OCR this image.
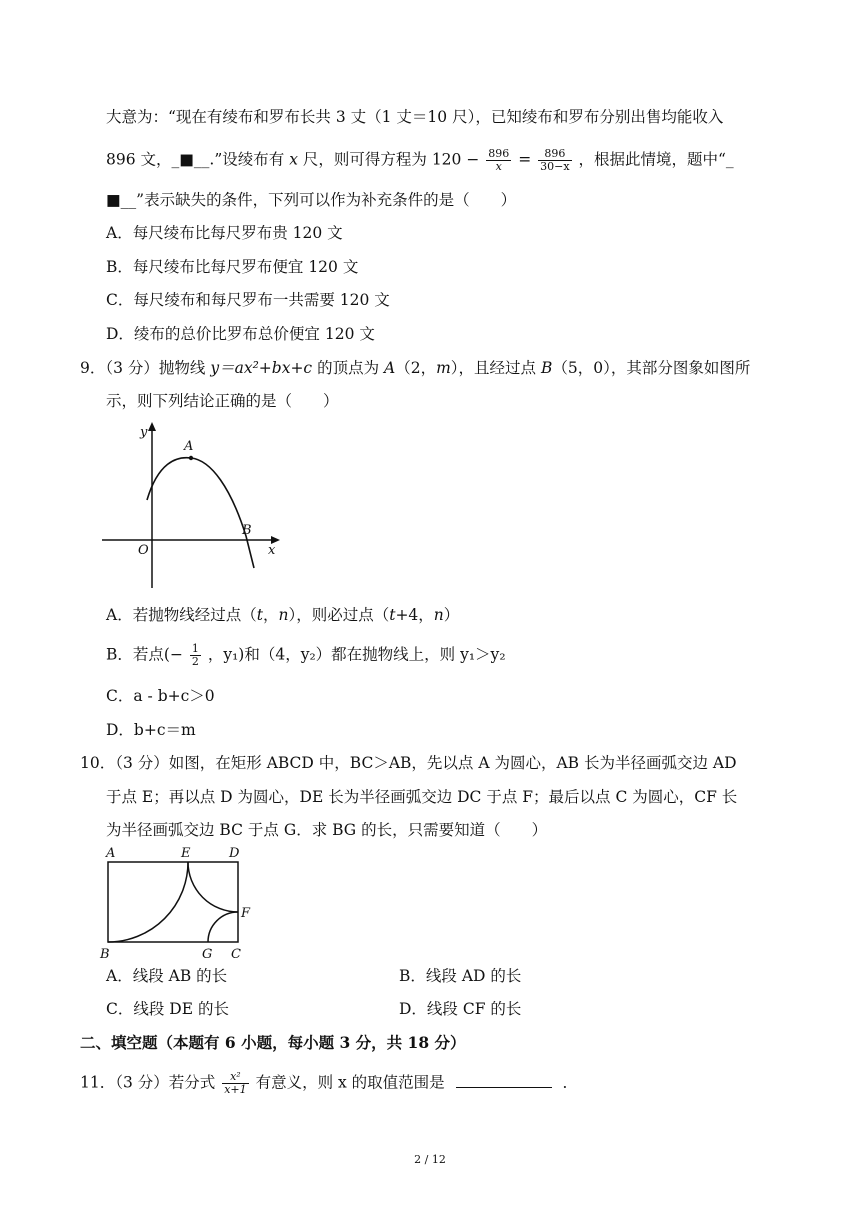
大意为：“现在有绫布和罗布长共 3 丈（1 丈＝10 尺），已知绫布和罗布分别出售均能收入
896 文，_■__.”设绫布有 x 尺，则可得方程为 $120 - \frac{896}{x} = \frac{896}{30-x}$ ，根据此情境，题中“_
■__”表示缺失的条件，下列可以作为补充条件的是（　　）
A．每尺绫布比每尺罗布贵 120 文
B．每尺绫布比每尺罗布便宜 120 文
C．每尺绫布和每尺罗布一共需要 120 文
D．绫布的总价比罗布总价便宜 120 文
9．（3 分）抛物线 y＝ax²+bx+c 的顶点为 A（2，m），且经过点 B（5，0），其部分图象如图所
示，则下列结论正确的是（　　）
y
A
B
O	x
A．若抛物线经过点（t，n），则必过点（t+4，n）
B．若点(− $\frac{1}{2}$ ，y₁)和（4，y₂）都在抛物线上，则 y₁＞y₂
C．a - b+c＞0
D．b+c＝m
10．（3 分）如图，在矩形 ABCD 中，BC＞AB，先以点 A 为圆心，AB 长为半径画弧交边 AD
于点 E；再以点 D 为圆心，DE 长为半径画弧交边 DC 于点 F；最后以点 C 为圆心，CF 长
为半径画弧交边 BC 于点 G．求 BG 的长，只需要知道（　　）
A	E	D
F
B	G C
A．线段 AB 的长	B．线段 AD 的长
C．线段 DE 的长	D．线段 CF 的长
二、填空题（本题有 6 小题，每小题 3 分，共 18 分）
11．（3 分）若分式 $\frac{\text{x²}}{x+1}$ 有意义，则 x 的取值范围是	．
2 / 12
